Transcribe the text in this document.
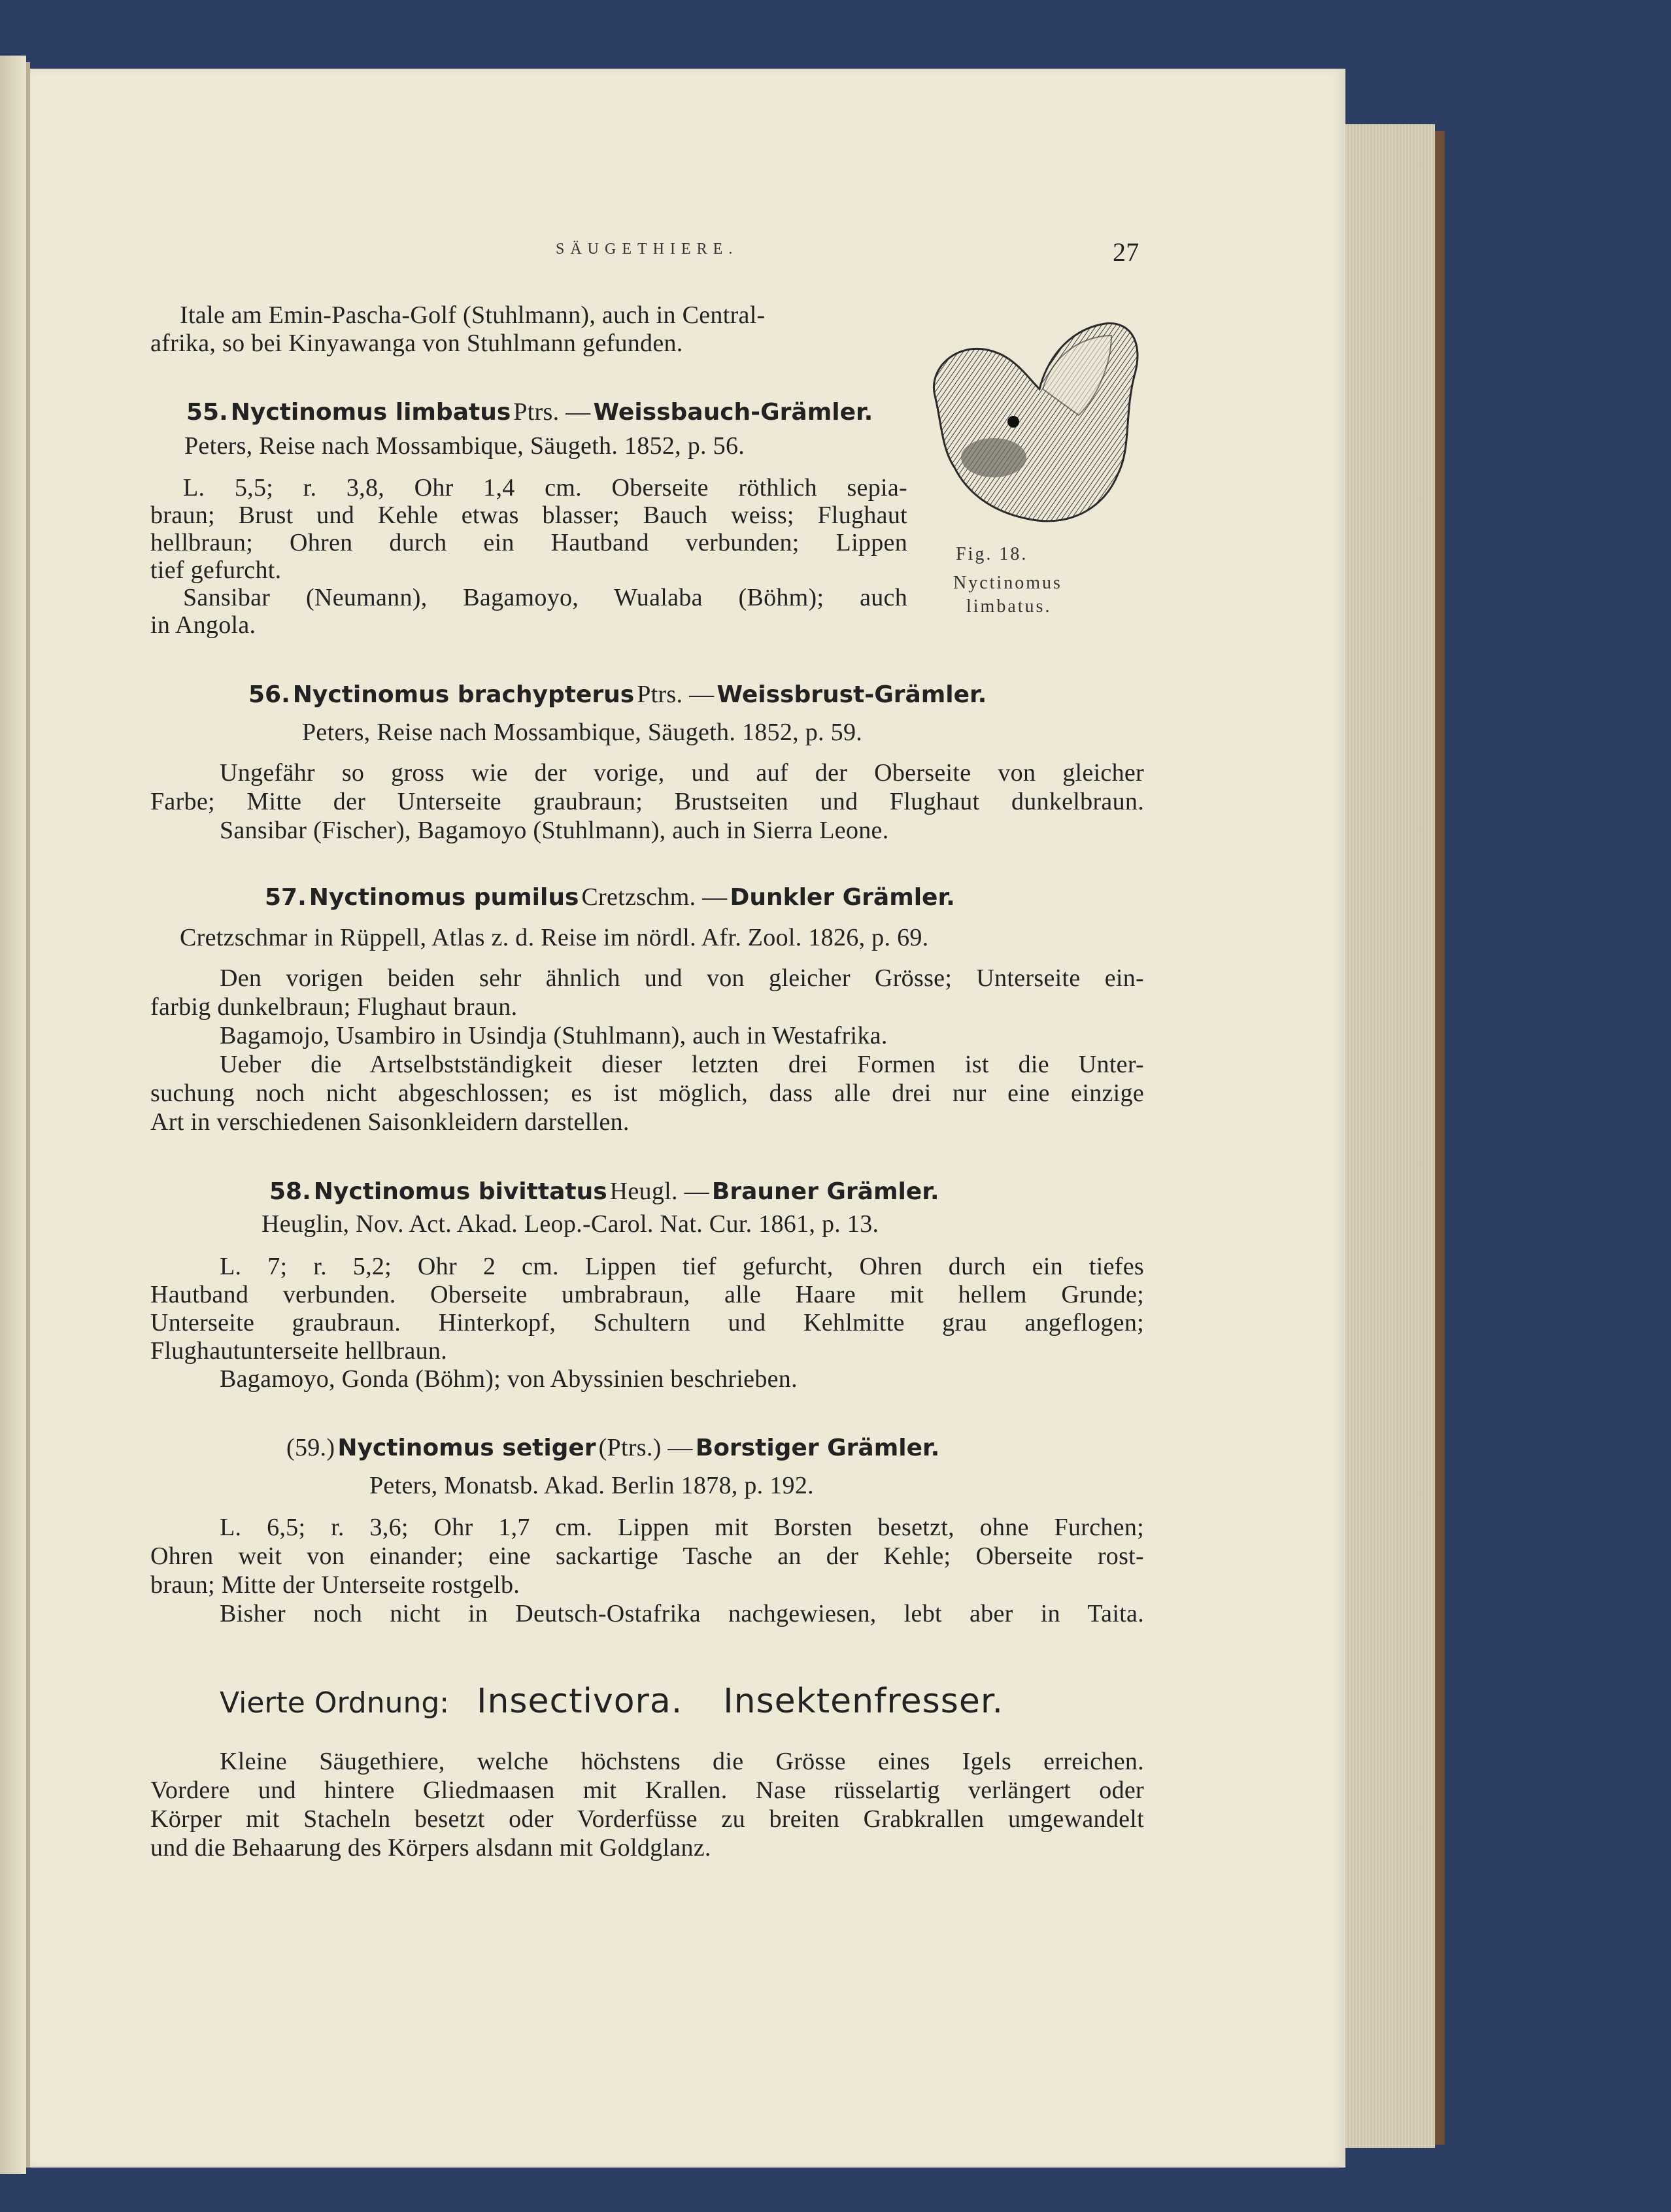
SÄUGETHIERE.	27
Itale am Emin-Pascha-Golf (Stuhlmann), auch in Central-
afrika, so bei Kinyawanga von Stuhlmann gefunden.
Fig. 18.
Nyctinomus
limbatus.
55. Nyctinomus limbatus Ptrs. — Weissbauch-Grämler.
Peters, Reise nach Mossambique, Säugeth. 1852, p. 56.
L. 5,5; r. 3,8, Ohr 1,4 cm. Oberseite röthlich sepia-
braun; Brust und Kehle etwas blasser; Bauch weiss; Flughaut
hellbraun; Ohren durch ein Hautband verbunden; Lippen
tief gefurcht.
Sansibar (Neumann), Bagamoyo, Wualaba (Böhm); auch
in Angola.
56. Nyctinomus brachypterus Ptrs. — Weissbrust-Grämler.
Peters, Reise nach Mossambique, Säugeth. 1852, p. 59.
Ungefähr so gross wie der vorige, und auf der Oberseite von gleicher
Farbe; Mitte der Unterseite graubraun; Brustseiten und Flughaut dunkelbraun.
Sansibar (Fischer), Bagamoyo (Stuhlmann), auch in Sierra Leone.
57. Nyctinomus pumilus Cretzschm. — Dunkler Grämler.
Cretzschmar in Rüppell, Atlas z. d. Reise im nördl. Afr. Zool. 1826, p. 69.
Den vorigen beiden sehr ähnlich und von gleicher Grösse; Unterseite ein-
farbig dunkelbraun; Flughaut braun.
Bagamojo, Usambiro in Usindja (Stuhlmann), auch in Westafrika.
Ueber die Artselbstständigkeit dieser letzten drei Formen ist die Unter-
suchung noch nicht abgeschlossen; es ist möglich, dass alle drei nur eine einzige
Art in verschiedenen Saisonkleidern darstellen.
58. Nyctinomus bivittatus Heugl. — Brauner Grämler.
Heuglin, Nov. Act. Akad. Leop.-Carol. Nat. Cur. 1861, p. 13.
L. 7; r. 5,2; Ohr 2 cm. Lippen tief gefurcht, Ohren durch ein tiefes
Hautband verbunden. Oberseite umbrabraun, alle Haare mit hellem Grunde;
Unterseite graubraun. Hinterkopf, Schultern und Kehlmitte grau angeflogen;
Flughautunterseite hellbraun.
Bagamoyo, Gonda (Böhm); von Abyssinien beschrieben.
(59.) Nyctinomus setiger (Ptrs.) — Borstiger Grämler.
Peters, Monatsb. Akad. Berlin 1878, p. 192.
L. 6,5; r. 3,6; Ohr 1,7 cm. Lippen mit Borsten besetzt, ohne Furchen;
Ohren weit von einander; eine sackartige Tasche an der Kehle; Oberseite rost-
braun; Mitte der Unterseite rostgelb.
Bisher noch nicht in Deutsch-Ostafrika nachgewiesen, lebt aber in Taita.
Vierte Ordnung: Insectivora. Insektenfresser.
Kleine Säugethiere, welche höchstens die Grösse eines Igels erreichen.
Vordere und hintere Gliedmaasen mit Krallen. Nase rüsselartig verlängert oder
Körper mit Stacheln besetzt oder Vorderfüsse zu breiten Grabkrallen umgewandelt
und die Behaarung des Körpers alsdann mit Goldglanz.
